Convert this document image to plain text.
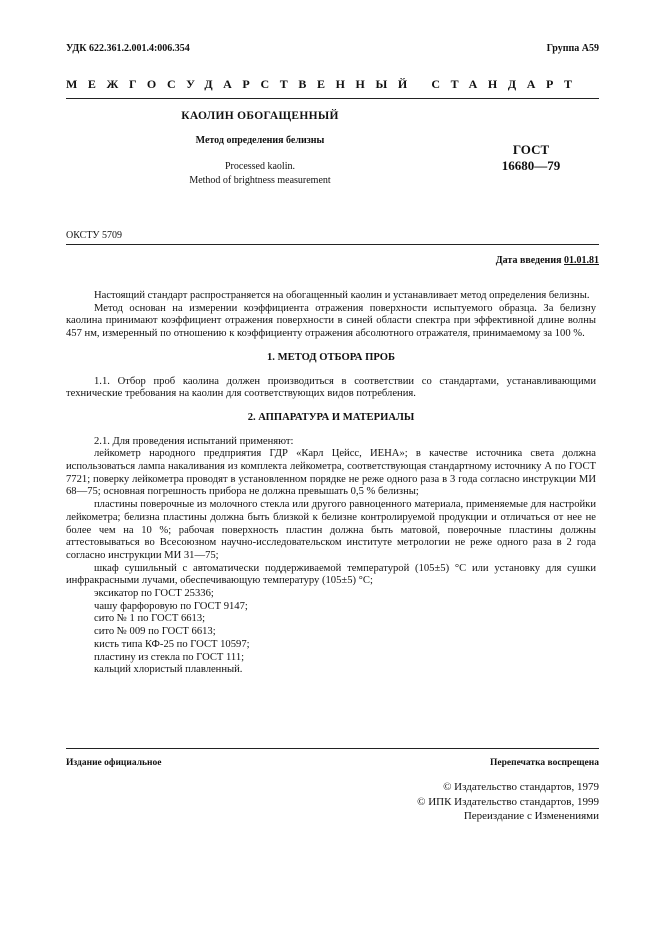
УДК 622.361.2.001.4:006.354	Группа А59
МЕЖГОСУДАРСТВЕННЫЙ СТАНДАРТ
КАОЛИН ОБОГАЩЕННЫЙ
Метод определения белизны
Processed kaolin.
Method of brightness measurement
ГОСТ
16680—79
ОКСТУ 5709
Дата введения 01.01.81

Настоящий стандарт распространяется на обогащенный каолин и устанавливает метод определения белизны.

Метод основан на измерении коэффициента отражения поверхности испытуемого образца. За белизну каолина принимают коэффициент отражения поверхности в синей области спектра при эффективной длине волны 457 нм, измеренный по отношению к коэффициенту отражения абсолютного отражателя, принимаемому за 100 %.

1. МЕТОД ОТБОРА ПРОБ

1.1. Отбор проб каолина должен производиться в соответствии со стандартами, устанавливающими технические требования на каолин для соответствующих видов потребления.

2. АППАРАТУРА И МАТЕРИАЛЫ

2.1. Для проведения испытаний применяют:

лейкометр народного предприятия ГДР «Карл Цейсс, ИЕНА»; в качестве источника света должна использоваться лампа накаливания из комплекта лейкометра, соответствующая стандартному источнику А по ГОСТ 7721; поверку лейкометра проводят в установленном порядке не реже одного раза в 3 года согласно инструкции МИ 68—75; основная погрешность прибора не должна превышать 0,5 % белизны;

пластины поверочные из молочного стекла или другого равноценного материала, применяемые для настройки лейкометра; белизна пластины должна быть близкой к белизне контролируемой продукции и отличаться от нее не более чем на 10 %; рабочая поверхность пластин должна быть матовой, поверочные пластины должны аттестовываться во Всесоюзном научно-исследовательском институте метрологии не реже одного раза в 2 года согласно инструкции МИ 31—75;

шкаф сушильный с автоматически поддерживаемой температурой (105±5) °С или установку для сушки инфракрасными лучами, обеспечивающую температуру (105±5) °С;

эксикатор по ГОСТ 25336;

чашу фарфоровую по ГОСТ 9147;

сито № 1 по ГОСТ 6613;

сито № 009 по ГОСТ 6613;

кисть типа КФ-25 по ГОСТ 10597;

пластину из стекла по ГОСТ 111;

кальций хлористый плавленный.

Издание официальное	Перепечатка воспрещена
© Издательство стандартов, 1979
© ИПК Издательство стандартов, 1999
Переиздание с Изменениями
